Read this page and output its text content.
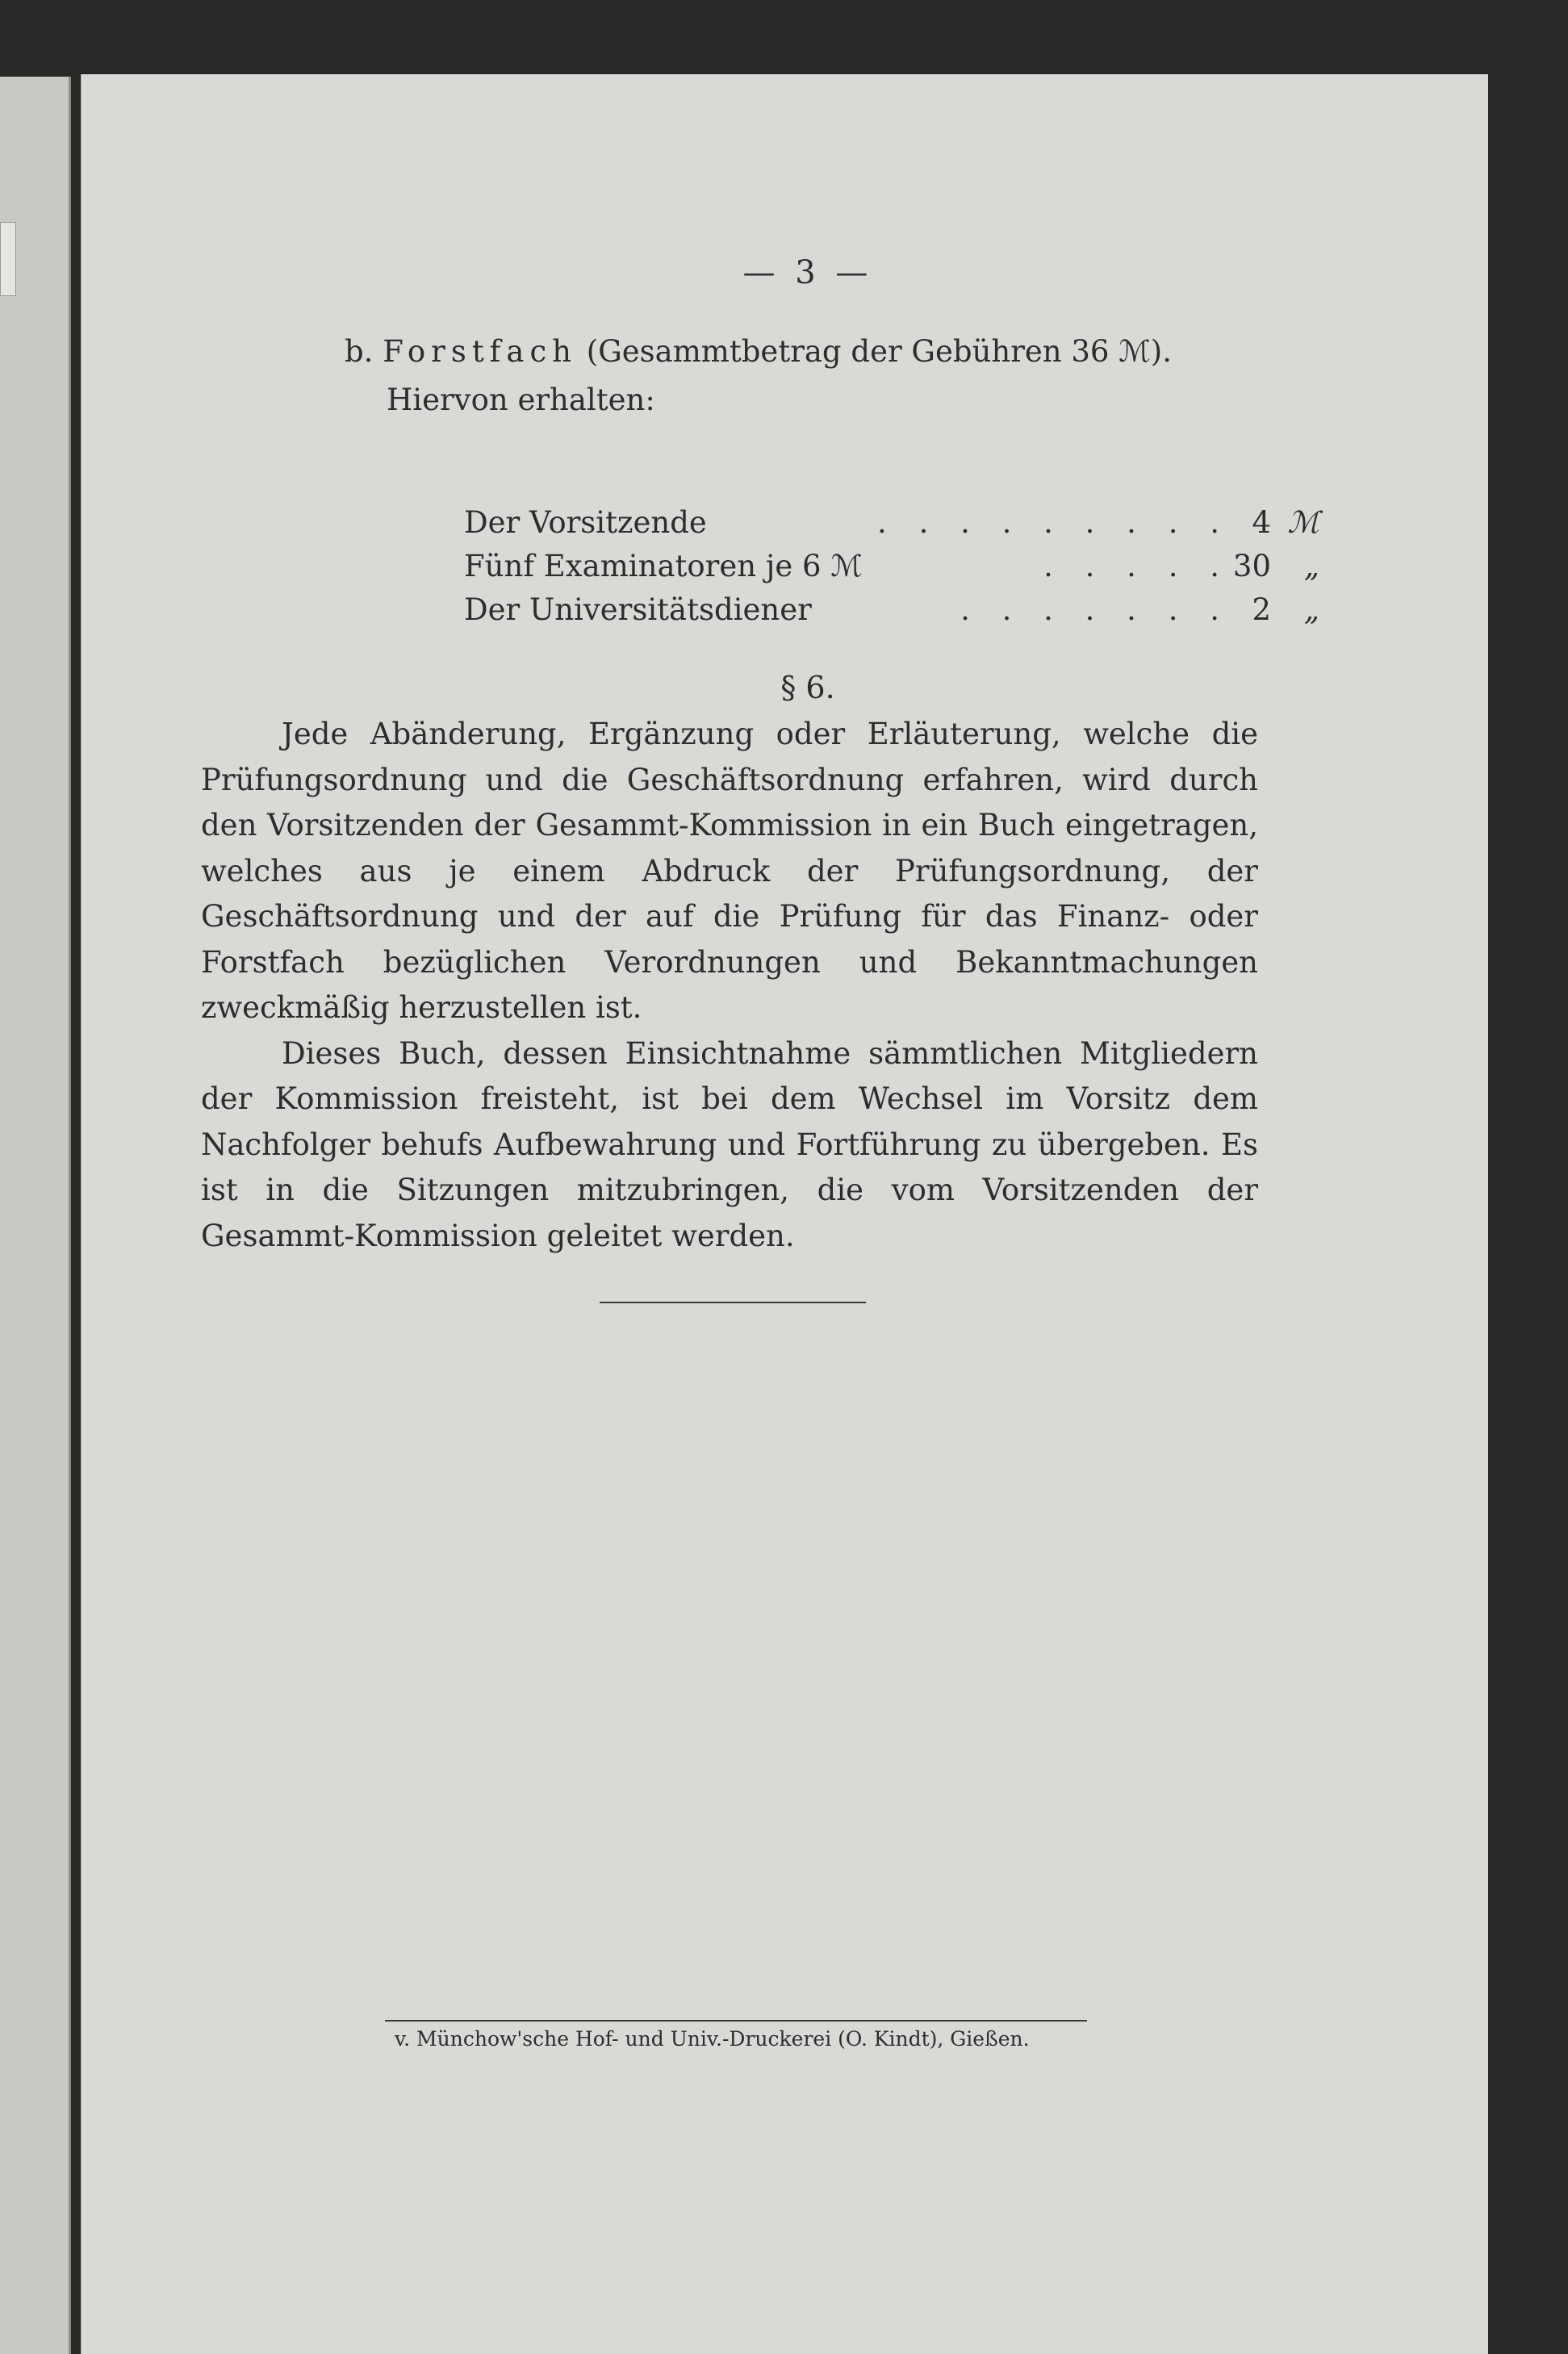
— 3 —
b. Forstfach (Gesammtbetrag der Gebühren 36 ℳ).
Hiervon erhalten:
Der Vorsitzende	. . . . . . . . . 4 ℳ
Fünf Examinatoren je 6 ℳ	. . . . . 30	„
Der Universitätsdiener	. . . . . . . 2	„
§ 6.

Jede Abänderung, Ergänzung oder Erläuterung, welche die Prüfungsordnung und die Geschäftsordnung erfahren, wird durch den Vorsitzenden der Gesammt-Kommission in ein Buch eingetragen, welches aus je einem Abdruck der Prüfungsordnung, der Geschäftsordnung und der auf die Prüfung für das Finanz- oder Forstfach bezüglichen Verordnungen und Bekanntmachungen zweckmäßig herzustellen ist.

Dieses Buch, dessen Einsichtnahme sämmtlichen Mitgliedern der Kommission freisteht, ist bei dem Wechsel im Vorsitz dem Nachfolger behufs Aufbewahrung und Fortführung zu übergeben. Es ist in die Sitzungen mitzubringen, die vom Vorsitzenden der Gesammt-Kommission geleitet werden.

v. Münchow'sche Hof- und Univ.-Druckerei (O. Kindt), Gießen.
